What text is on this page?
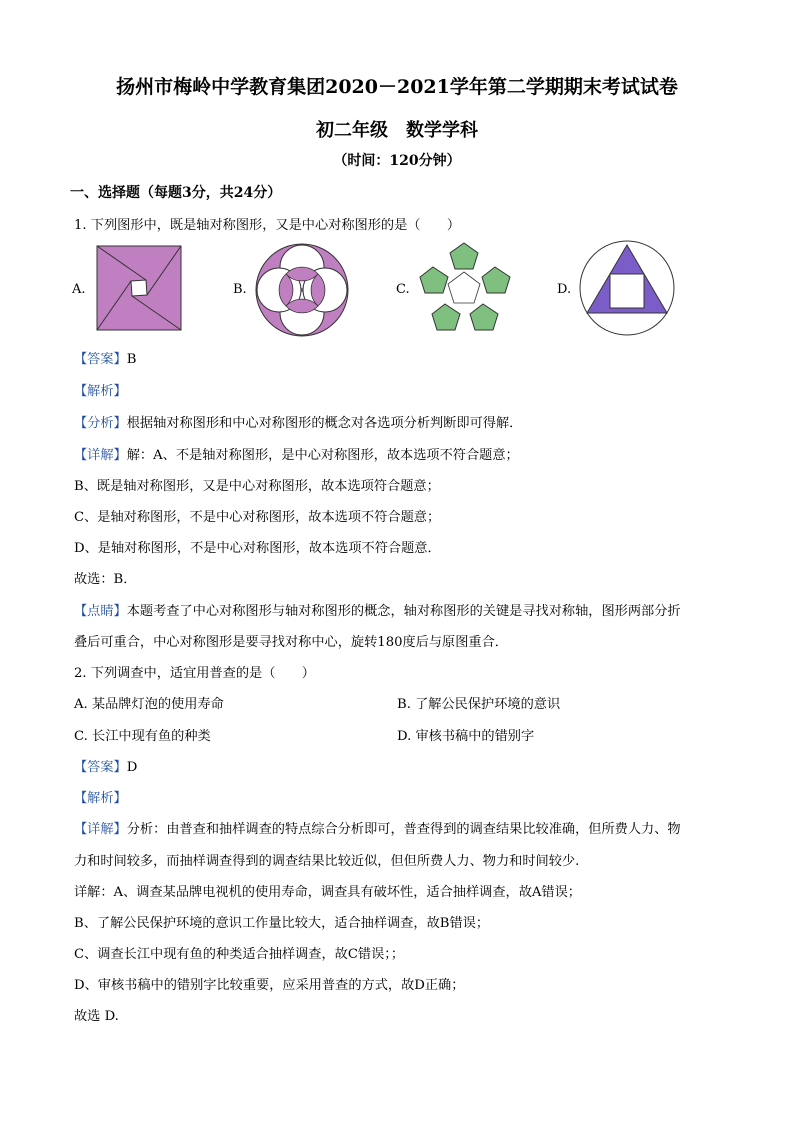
扬州市梅岭中学教育集团2020－2021学年第二学期期末考试试卷
初二年级　数学学科
（时间：120分钟）
一、选择题（每题3分，共24分）
1. 下列图形中，既是轴对称图形，又是中心对称图形的是（　　）
A.	B.	C.	D.
【答案】B
【解析】
【分析】根据轴对称图形和中心对称图形的概念对各选项分析判断即可得解．
【详解】解：A、不是轴对称图形，是中心对称图形，故本选项不符合题意；
B、既是轴对称图形，又是中心对称图形，故本选项符合题意；
C、是轴对称图形，不是中心对称图形，故本选项不符合题意；
D、是轴对称图形，不是中心对称图形，故本选项不符合题意．
故选：B．
【点睛】本题考查了中心对称图形与轴对称图形的概念，轴对称图形的关键是寻找对称轴，图形两部分折
叠后可重合，中心对称图形是要寻找对称中心，旋转180度后与原图重合．
2. 下列调查中，适宜用普查的是（　　）
A. 某品牌灯泡的使用寿命	B. 了解公民保护环境的意识
C. 长江中现有鱼的种类	D. 审核书稿中的错别字
【答案】D
【解析】
【详解】分析：由普查和抽样调查的特点综合分析即可，普查得到的调查结果比较准确，但所费人力、物
力和时间较多，而抽样调查得到的调查结果比较近似，但但所费人力、物力和时间较少.
详解：A、调查某品牌电视机的使用寿命，调查具有破坏性，适合抽样调查，故A错误；
B、了解公民保护环境的意识工作量比较大，适合抽样调查，故B错误；
C、调查长江中现有鱼的种类适合抽样调查，故C错误；；
D、审核书稿中的错别字比较重要，应采用普查的方式，故D正确；
故选 D.
